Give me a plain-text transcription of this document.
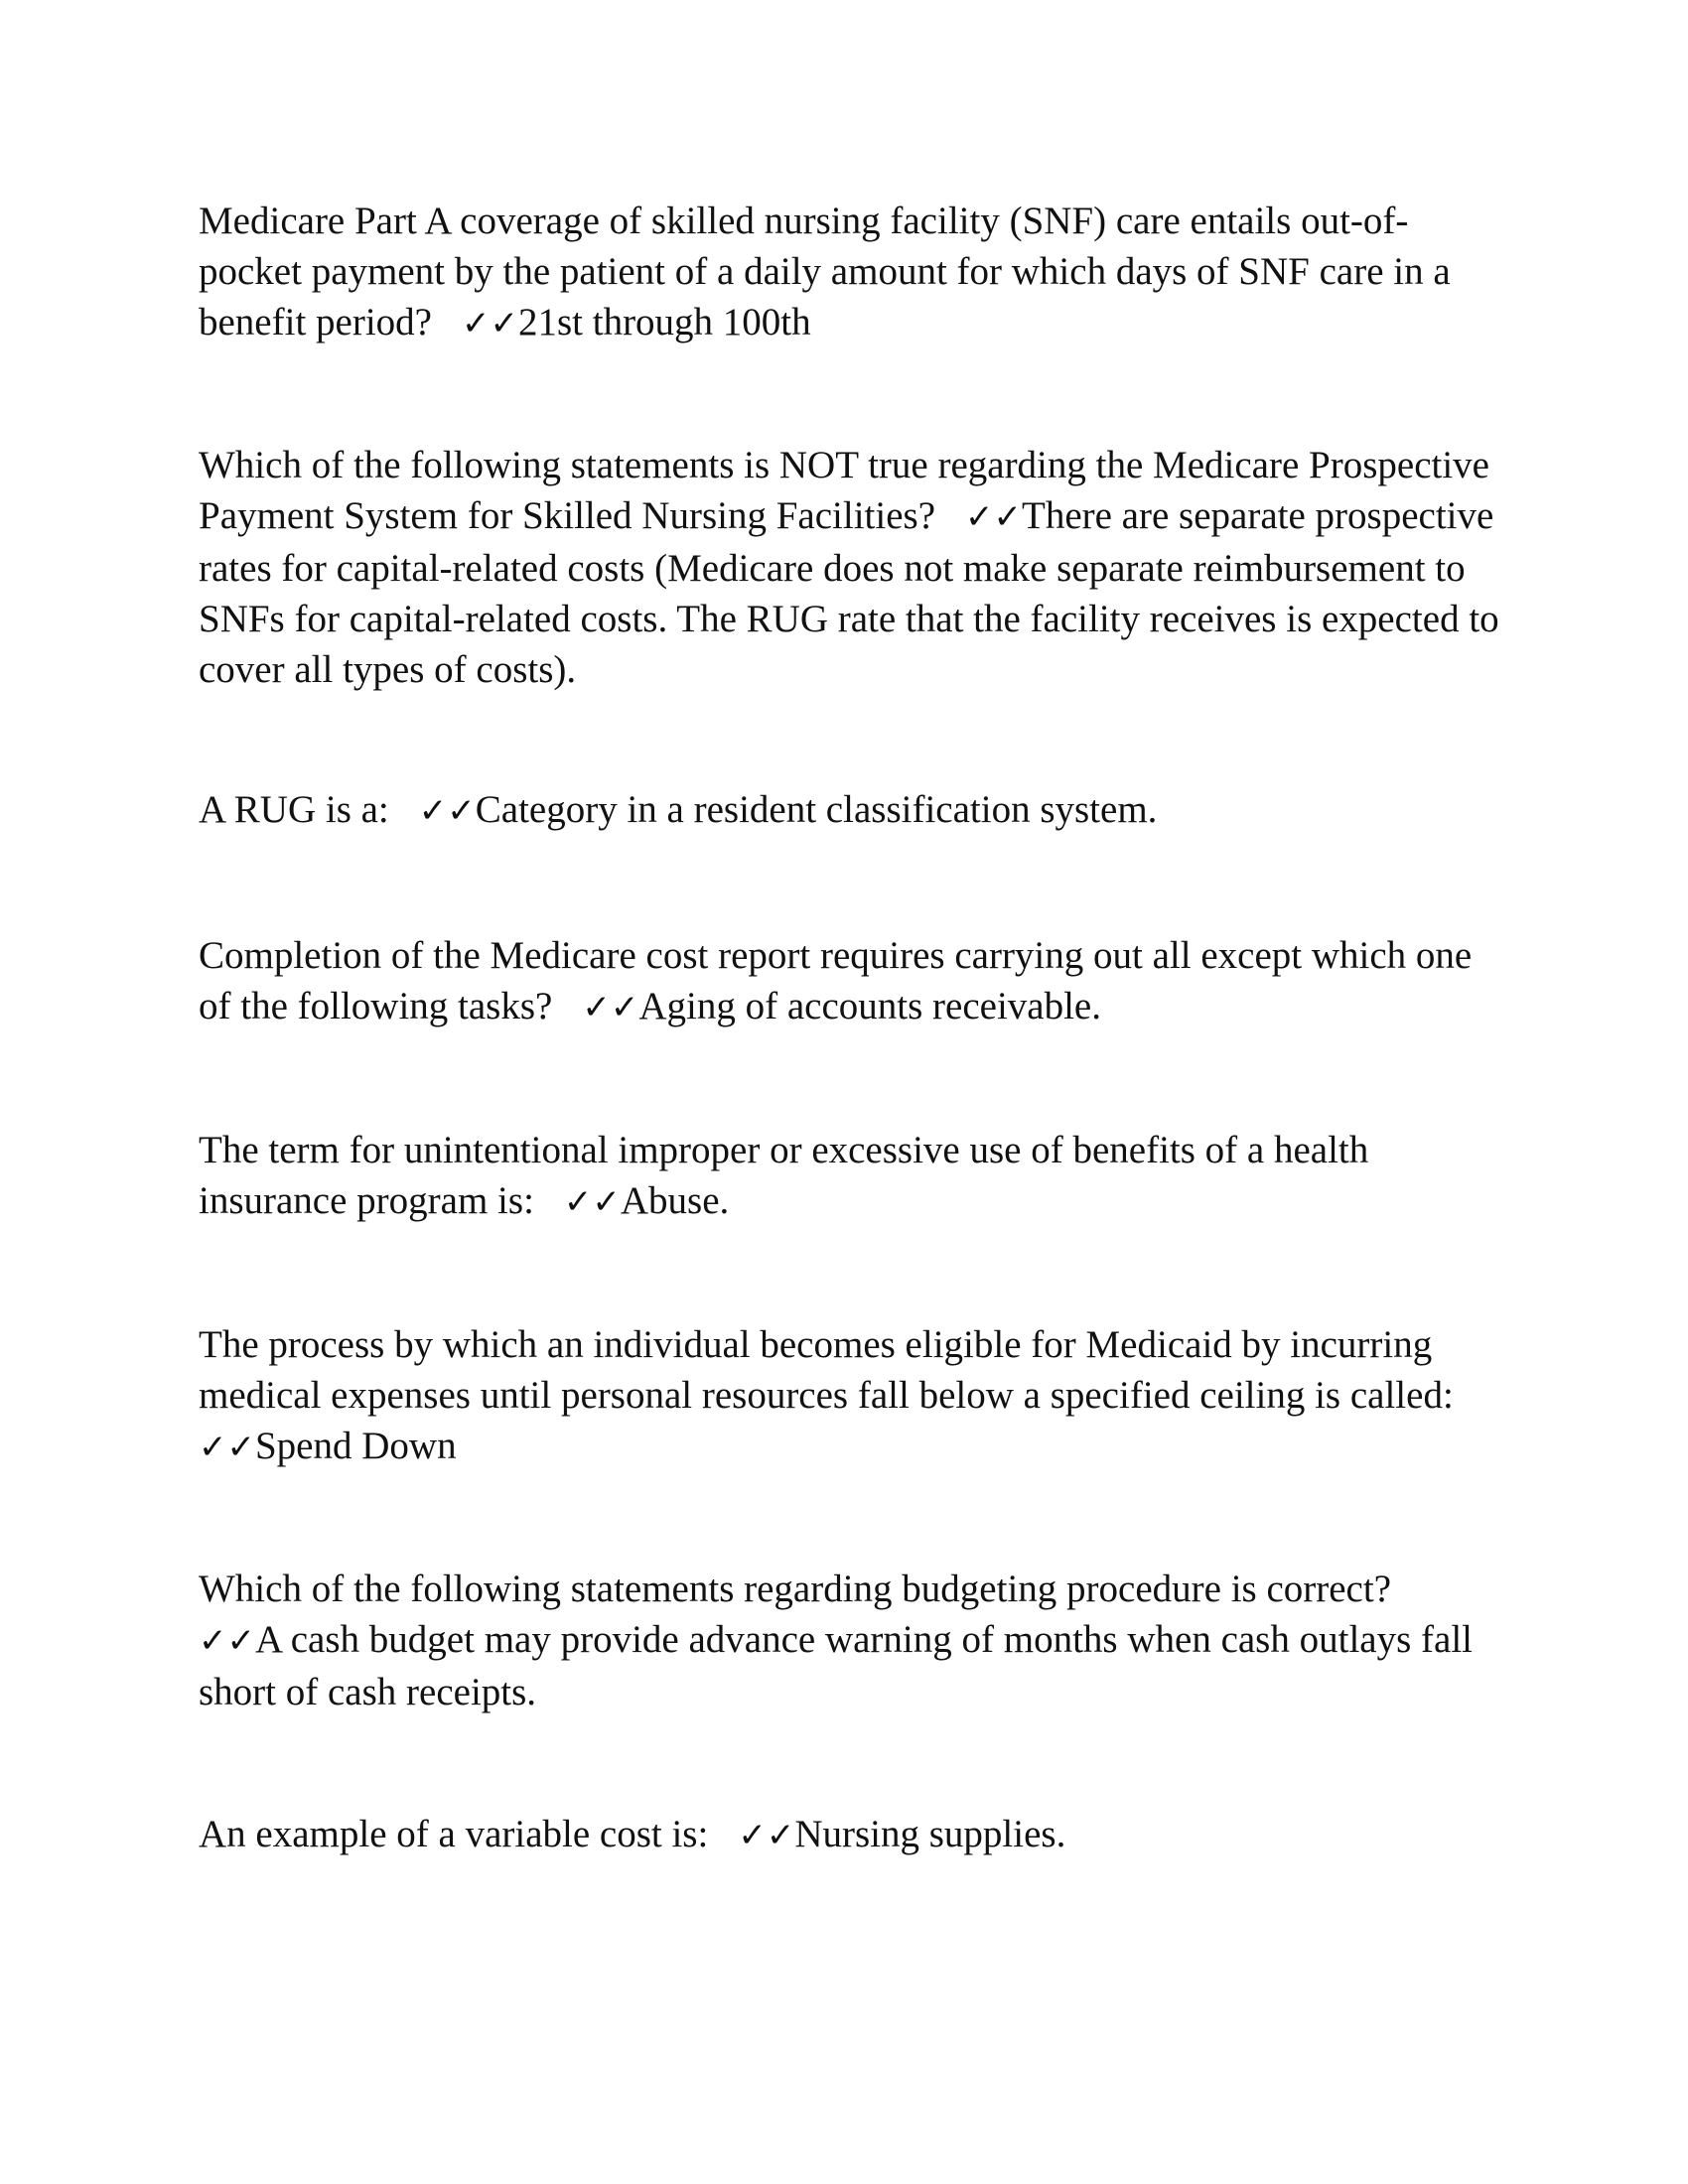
Medicare Part A coverage of skilled nursing facility (SNF) care entails out-of-pocket payment by the patient of a daily amount for which days of SNF care in a benefit period? ✓✓21st through 100th

Which of the following statements is NOT true regarding the Medicare Prospective Payment System for Skilled Nursing Facilities? ✓✓There are separate prospective rates for capital-related costs (Medicare does not make separate reimbursement to SNFs for capital-related costs. The RUG rate that the facility receives is expected to cover all types of costs).

A RUG is a: ✓✓Category in a resident classification system.

Completion of the Medicare cost report requires carrying out all except which one of the following tasks? ✓✓Aging of accounts receivable.

The term for unintentional improper or excessive use of benefits of a health insurance program is: ✓✓Abuse.

The process by which an individual becomes eligible for Medicaid by incurring medical expenses until personal resources fall below a specified ceiling is called:✓✓Spend Down

Which of the following statements regarding budgeting procedure is correct?✓✓A cash budget may provide advance warning of months when cash outlays fall short of cash receipts.

An example of a variable cost is: ✓✓Nursing supplies.
